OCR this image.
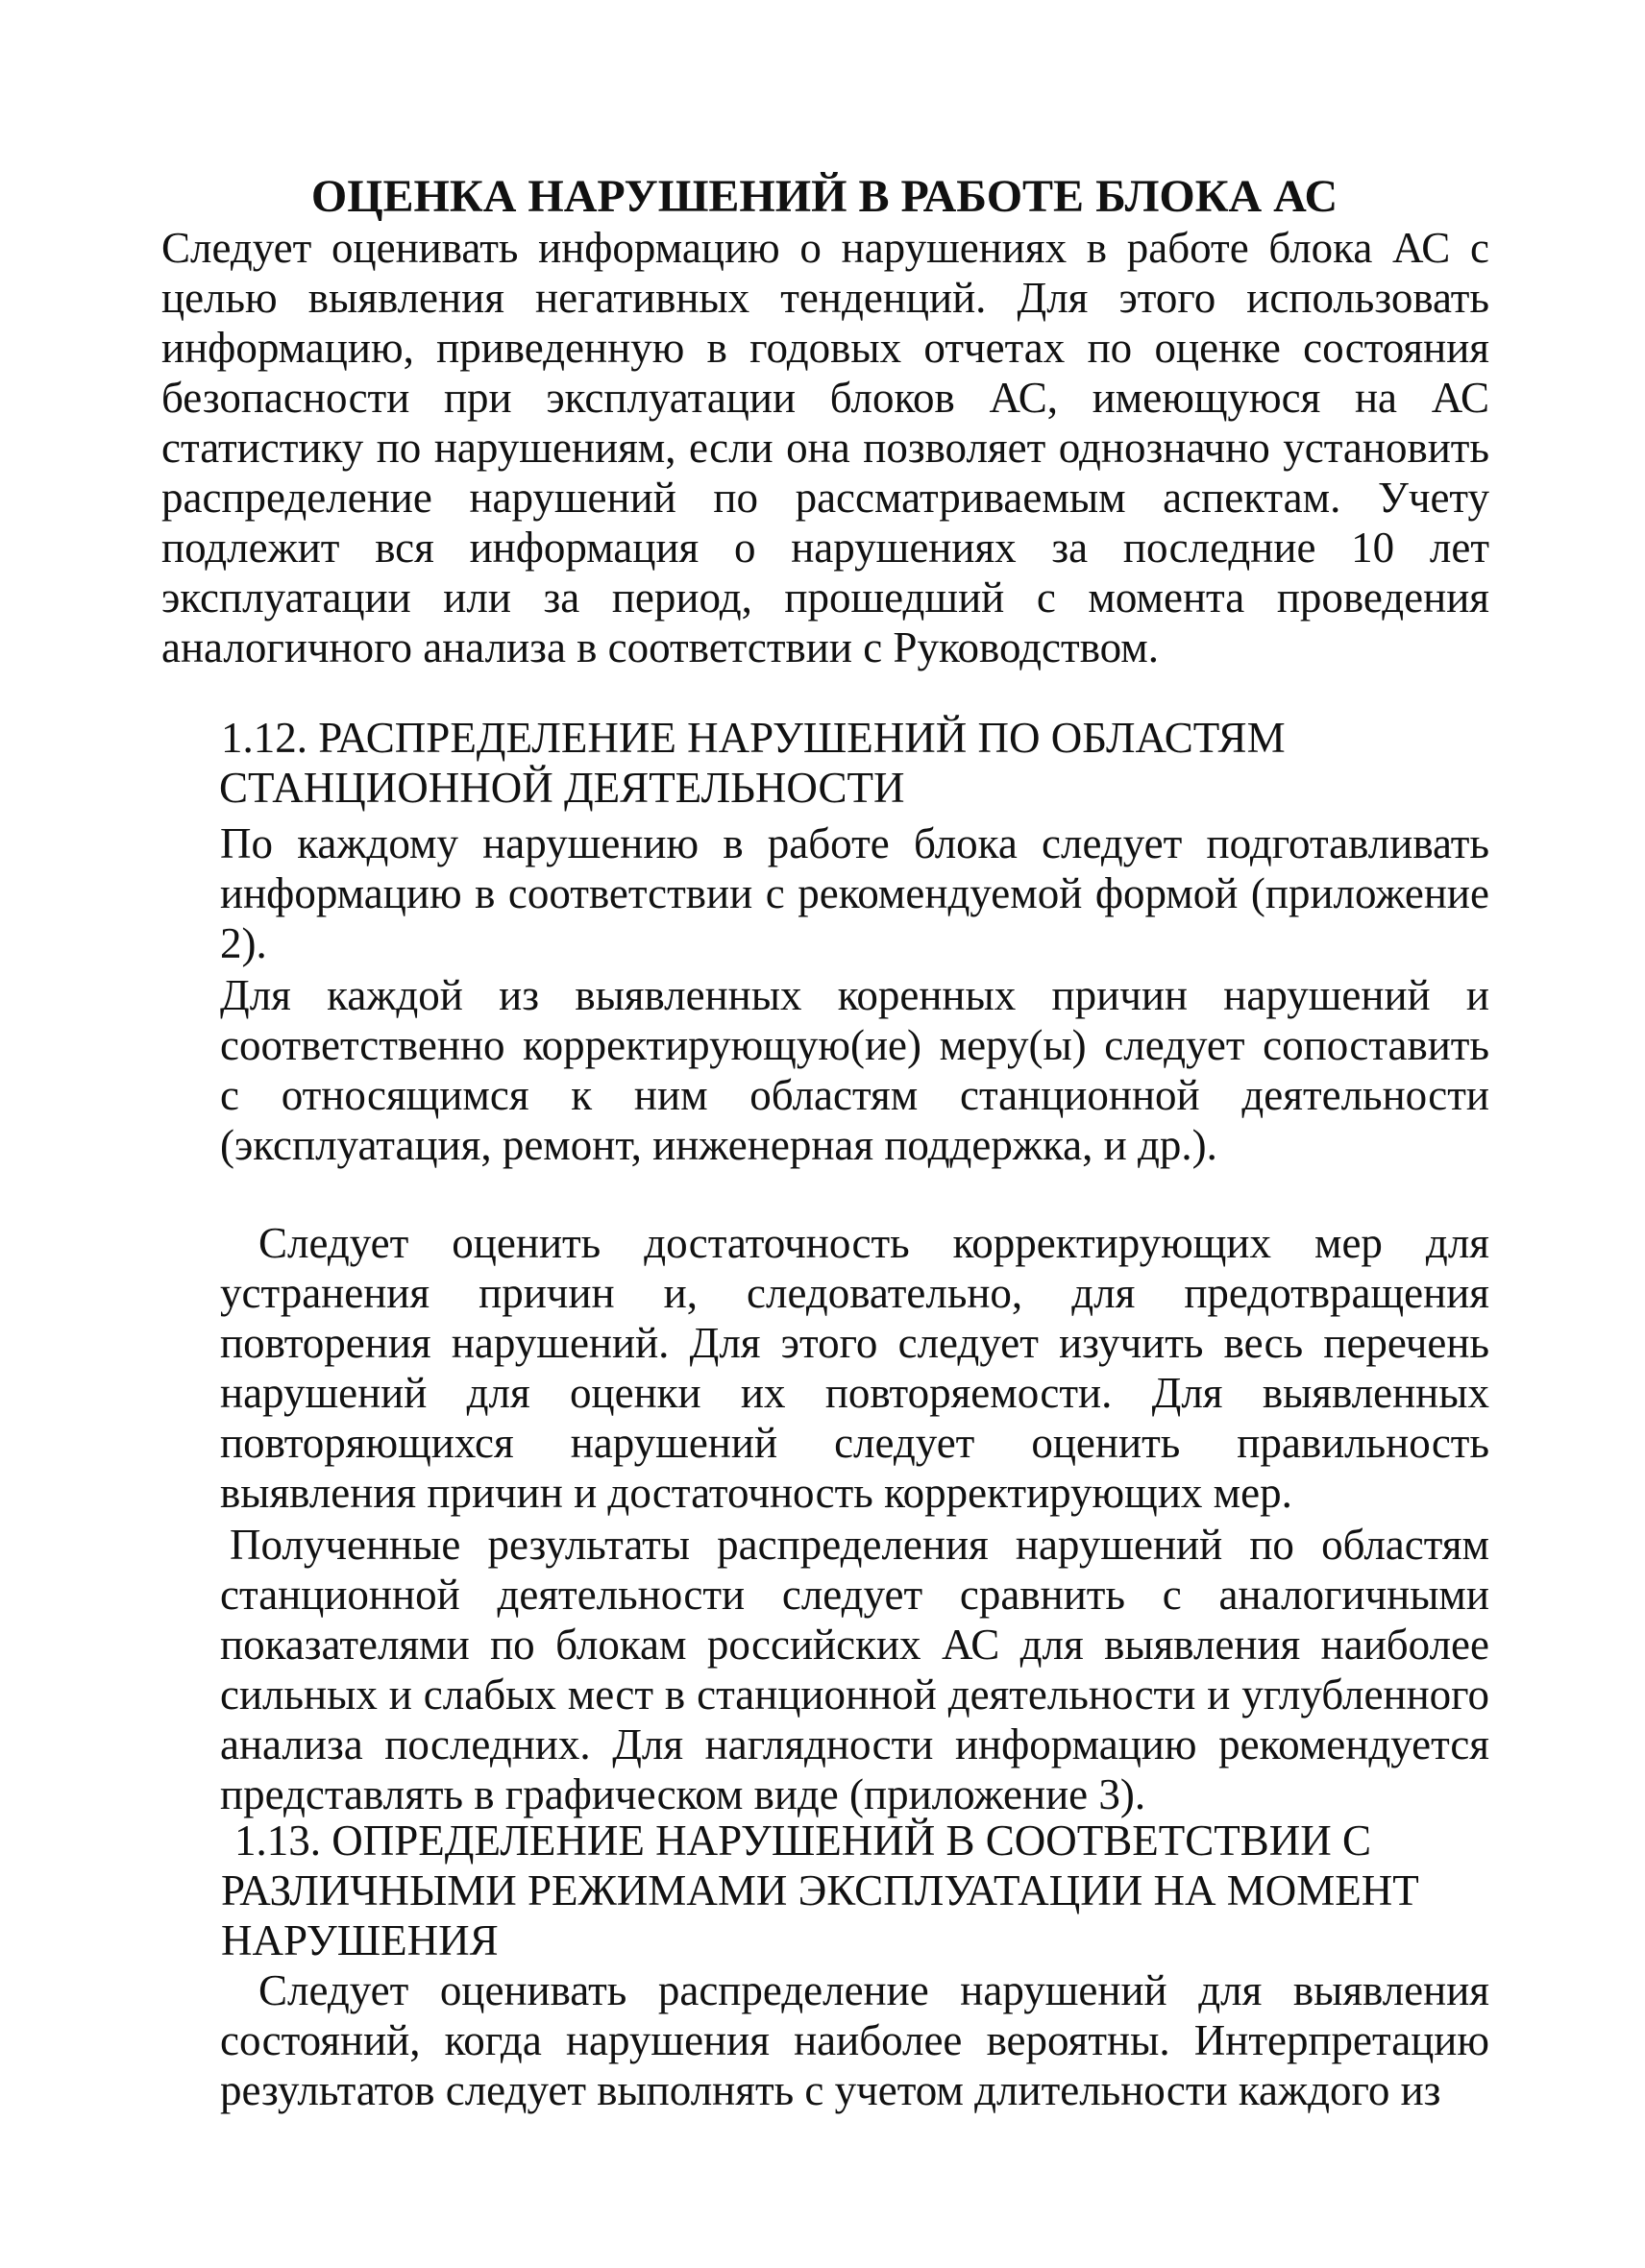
ОЦЕНКА НАРУШЕНИЙ В РАБОТЕ БЛОКА АС

Следует оценивать информацию о нарушениях в работе блока АС с целью выявления негативных тенденций. Для этого использовать информацию, приведенную в годовых отчетах по оценке состояния безопасности при эксплуатации блоков АС, имеющуюся на АС статистику по нарушениям, если она позволяет однозначно установить распределение нарушений по рассматриваемым аспектам. Учету подлежит вся информация о нарушениях за последние 10 лет эксплуатации или за период, прошедший с момента проведения аналогичного анализа в соответствии с Руководством.

1.12. РАСПРЕДЕЛЕНИЕ НАРУШЕНИЙ ПО ОБЛАСТЯМ
СТАНЦИОННОЙ ДЕЯТЕЛЬНОСТИ

По каждому нарушению в работе блока следует подготавливать информацию в соответствии с рекомендуемой формой (приложение 2).

Для каждой из выявленных коренных причин нарушений и соответственно корректирующую(ие) меру(ы) следует сопоставить с относящимся к ним областям станционной деятельности (эксплуатация, ремонт, инженерная поддержка, и др.).

Следует оценить достаточность корректирующих мер для устранения причин и, следовательно, для предотвращения повторения нарушений. Для этого следует изучить весь перечень нарушений для оценки их повторяемости. Для выявленных повторяющихся нарушений следует оценить правильность выявления причин и достаточность корректирующих мер.

Полученные результаты распределения нарушений по областям станционной деятельности следует сравнить с аналогичными показателями по блокам российских АС для выявления наиболее сильных и слабых мест в станционной деятельности и углубленного анализа последних. Для наглядности информацию рекомендуется представлять в графическом виде (приложение 3).

1.13. ОПРЕДЕЛЕНИЕ НАРУШЕНИЙ В СООТВЕТСТВИИ С
РАЗЛИЧНЫМИ РЕЖИМАМИ ЭКСПЛУАТАЦИИ НА МОМЕНТ
НАРУШЕНИЯ

Следует оценивать распределение нарушений для выявления состояний, когда нарушения наиболее вероятны. Интерпретацию результатов следует выполнять с учетом длительности каждого из
